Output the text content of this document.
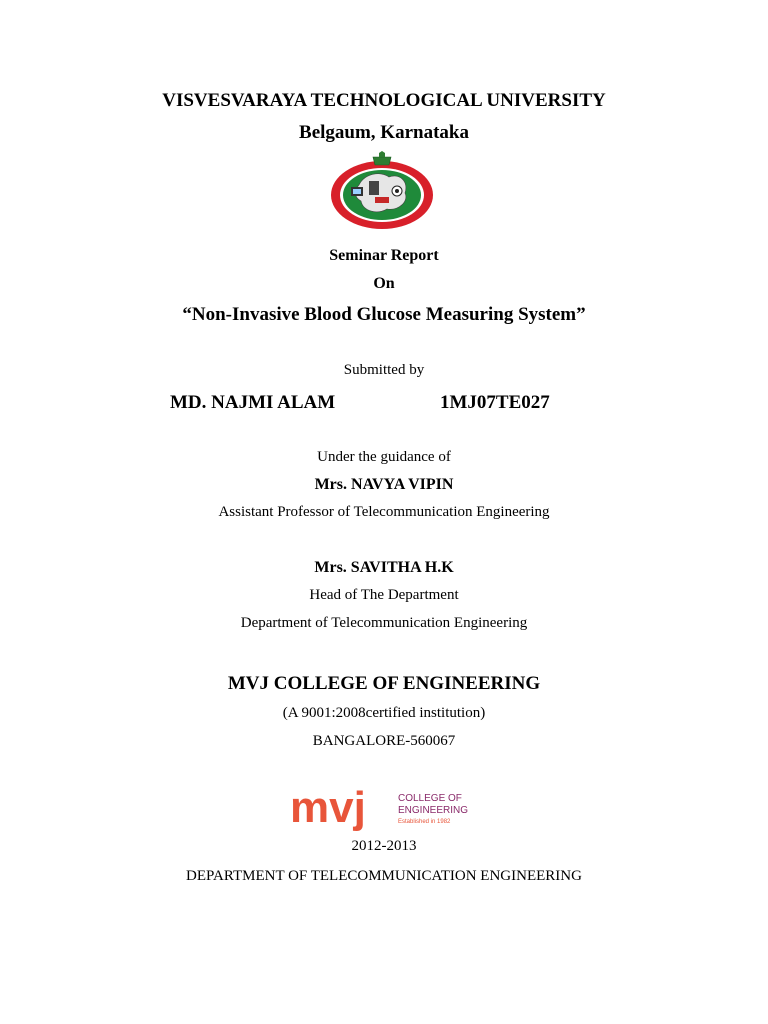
VISVESVARAYA TECHNOLOGICAL UNIVERSITY
Belgaum, Karnataka
Seminar Report
On
“Non-Invasive Blood Glucose Measuring System”
Submitted by
MD. NAJMI ALAM	1MJ07TE027
Under the guidance of
Mrs. NAVYA VIPIN
Assistant Professor of Telecommunication Engineering
Mrs. SAVITHA H.K
Head of The Department
Department of Telecommunication Engineering
MVJ COLLEGE OF ENGINEERING
(A 9001:2008certified institution)
BANGALORE-560067
mvj	COLLEGE OF
ENGINEERING
Established in 1982
2012-2013
DEPARTMENT OF TELECOMMUNICATION ENGINEERING
